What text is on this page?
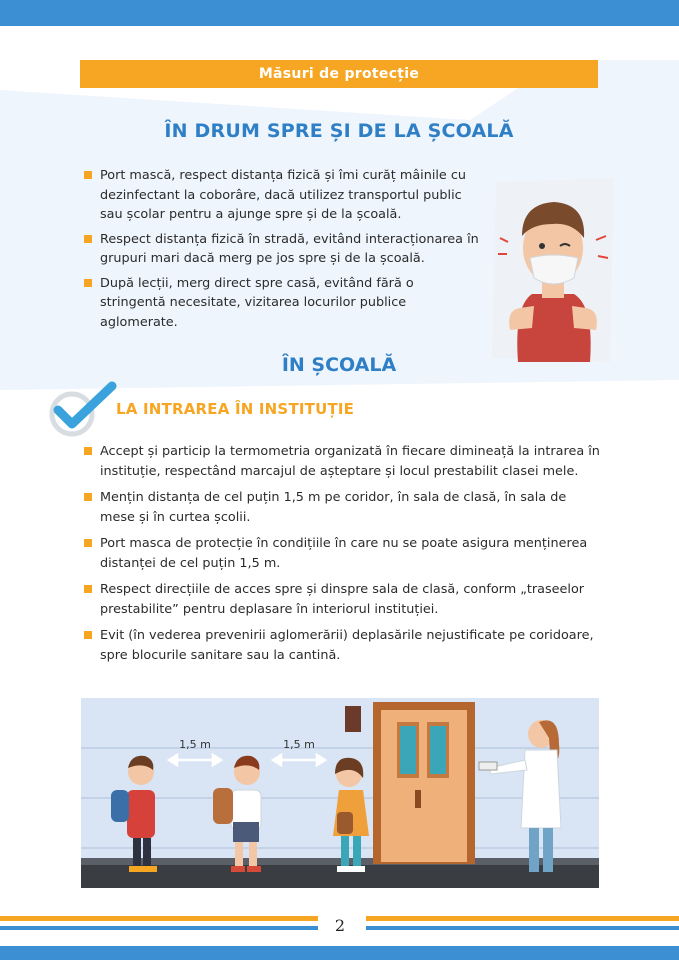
Măsuri de protecție
ÎN DRUM SPRE ȘI DE LA ȘCOALĂ
Port mască, respect distanța fizică și îmi curăț mâinile cu dezinfectant la coborâre, dacă utilizez transportul public sau școlar pentru a ajunge spre și de la școală.
Respect distanța fizică în stradă, evitând interacționarea în grupuri mari dacă merg pe jos spre și de la școală.
După lecții, merg direct spre casă, evitând fără o stringentă necesitate, vizitarea locurilor publice aglomerate.
ÎN ȘCOALĂ
LA INTRAREA ÎN INSTITUȚIE
Accept și particip la termometria organizată în fiecare dimineață la intrarea în instituție, respectând marcajul de așteptare și locul prestabilit clasei mele.
Mențin distanța de cel puțin 1,5 m pe coridor, în sala de clasă, în sala de mese și în curtea școlii.
Port masca de protecție în condițiile în care nu se poate asigura menținerea distanței de cel puțin 1,5 m.
Respect direcțiile de acces spre și dinspre sala de clasă, conform „traseelor prestabilite” pentru deplasare în interiorul instituției.
Evit (în vederea prevenirii aglomerării) deplasările nejustificate pe coridoare, spre blocurile sanitare sau la cantină.
1,5 m	1,5 m
2
